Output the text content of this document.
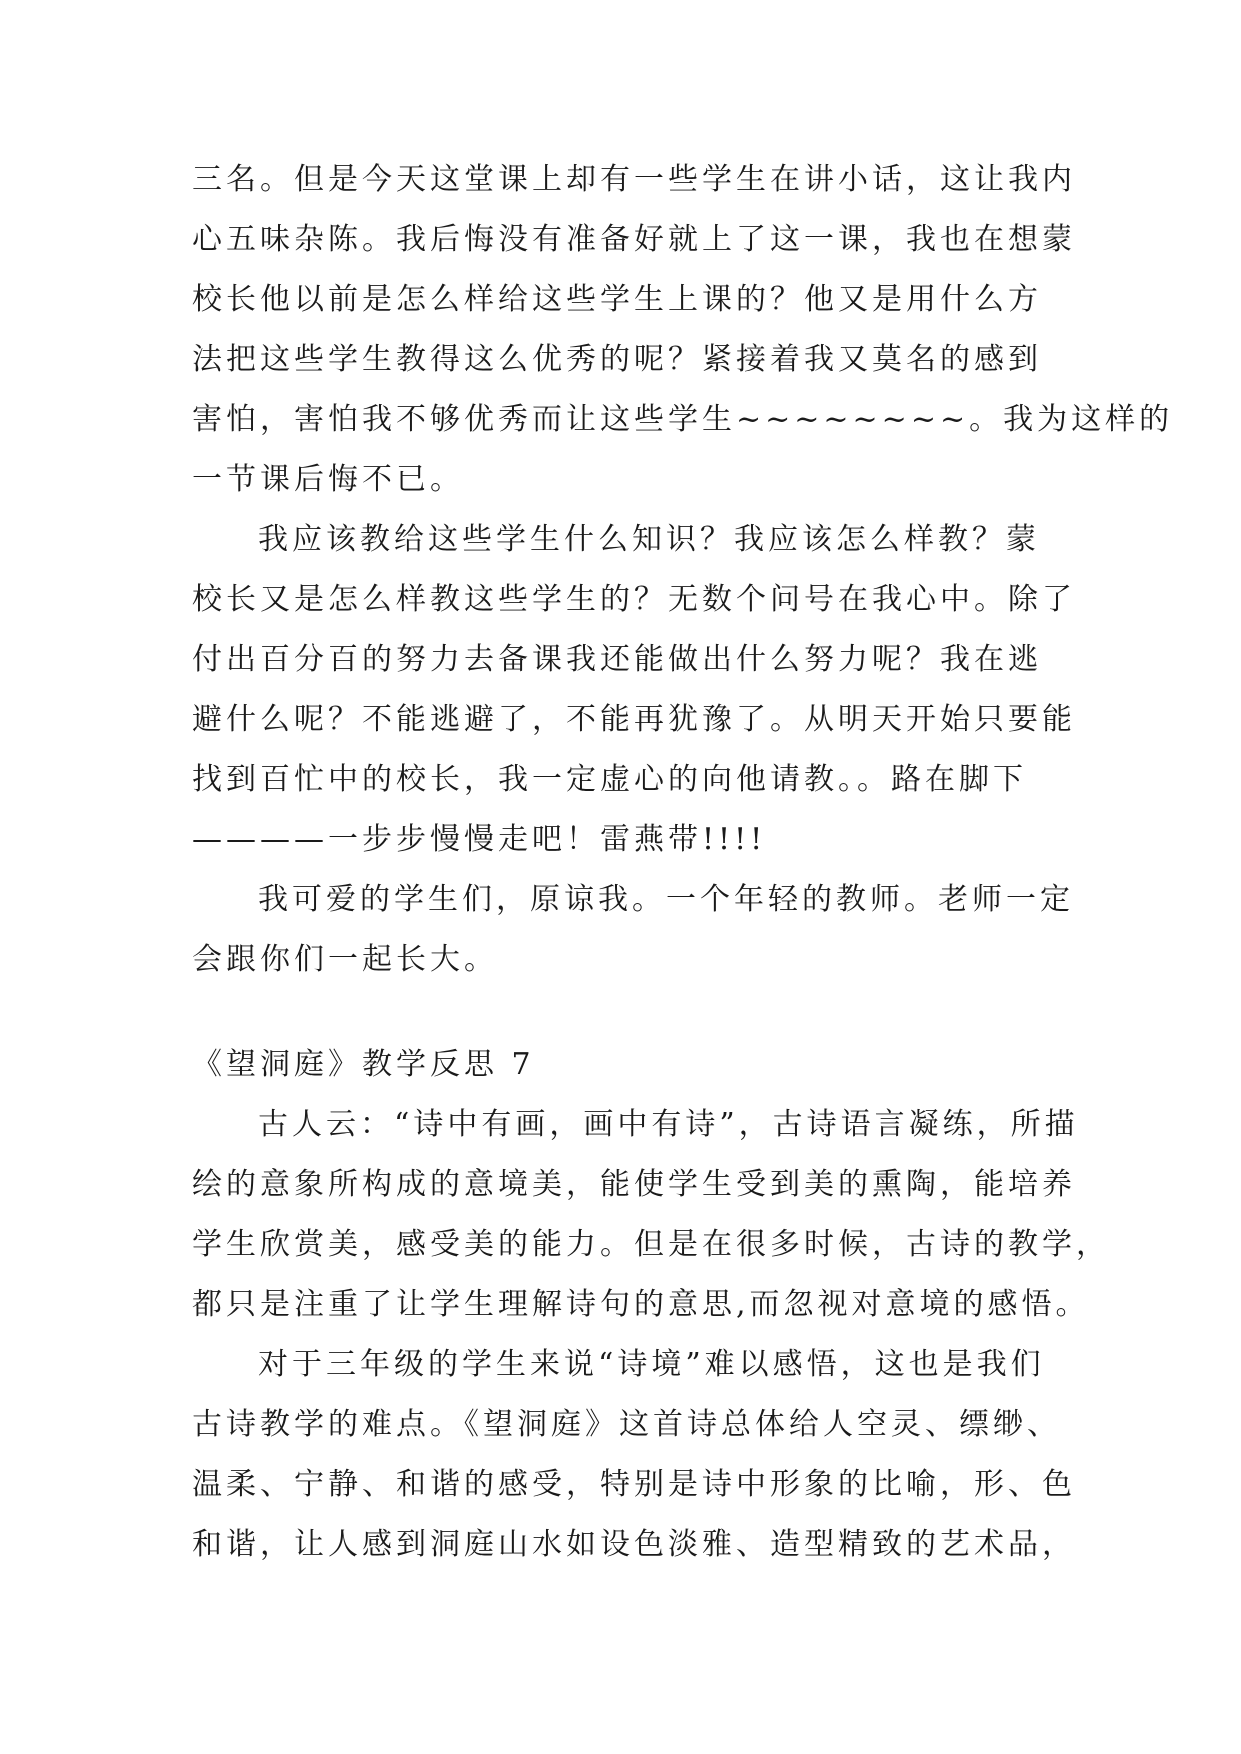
三名。但是今天这堂课上却有一些学生在讲小话，这让我内
心五味杂陈。我后悔没有准备好就上了这一课，我也在想蒙
校长他以前是怎么样给这些学生上课的？他又是用什么方
法把这些学生教得这么优秀的呢？紧接着我又莫名的感到
害怕，害怕我不够优秀而让这些学生~~~~~~~~。我为这样的
一节课后悔不已。
我应该教给这些学生什么知识？我应该怎么样教？蒙
校长又是怎么样教这些学生的？无数个问号在我心中。除了
付出百分百的努力去备课我还能做出什么努力呢？我在逃
避什么呢？不能逃避了，不能再犹豫了。从明天开始只要能
找到百忙中的校长，我一定虚心的向他请教。。路在脚下
————一步步慢慢走吧！雷燕带!!!!
我可爱的学生们，原谅我。一个年轻的教师。老师一定
会跟你们一起长大。
《望洞庭》教学反思 7
古人云：“诗中有画，画中有诗”，古诗语言凝练，所描
绘的意象所构成的意境美，能使学生受到美的熏陶，能培养
学生欣赏美，感受美的能力。但是在很多时候，古诗的教学，
都只是注重了让学生理解诗句的意思,而忽视对意境的感悟。
对于三年级的学生来说“诗境”难以感悟，这也是我们
古诗教学的难点。《望洞庭》这首诗总体给人空灵、缥缈、
温柔、宁静、和谐的感受，特别是诗中形象的比喻，形、色
和谐，让人感到洞庭山水如设色淡雅、造型精致的艺术品，
